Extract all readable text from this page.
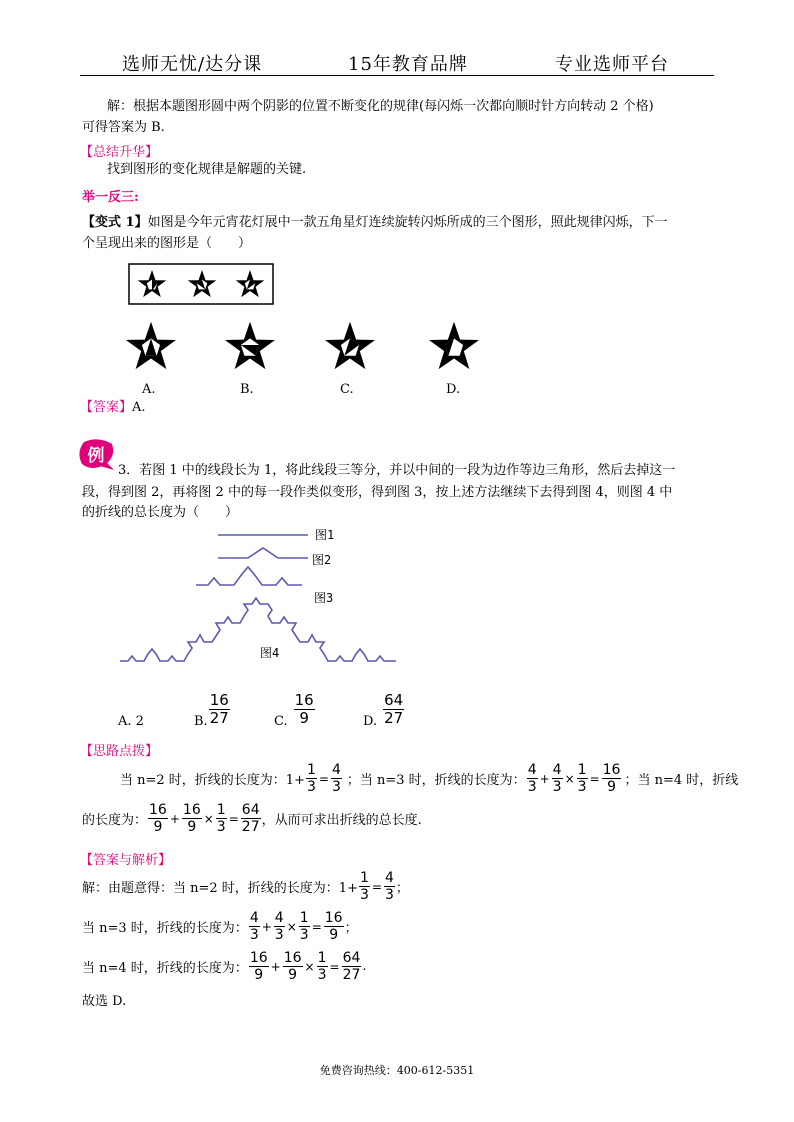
选师无忧/达分课	15年教育品牌	专业选师平台
解：根据本题图形圆中两个阴影的位置不断变化的规律(每闪烁一次都向顺时针方向转动 2 个格)
可得答案为 B.
【总结升华】
找到图形的变化规律是解题的关键.
举一反三:
【变式 1】如图是今年元宵花灯展中一款五角星灯连续旋转闪烁所成的三个图形，照此规律闪烁，下一
个呈现出来的图形是（　　）
A.	B.	C.	D.
【答案】A.
例
3．若图 1 中的线段长为 1，将此线段三等分，并以中间的一段为边作等边三角形，然后去掉这一
段，得到图 2，再将图 2 中的每一段作类似变形，得到图 3，按上述方法继续下去得到图 4，则图 4 中
的折线的总长度为（　　）
图1
图2
图3
图4
A. 2	B. $\frac{16}{27}$	C. $\frac{16}{9}$	D. $\frac{64}{27}$
【思路点拨】
当 n=2 时，折线的长度为：$1+ \frac{1}{3} = \frac{4}{3}$ ；当 n=3 时，折线的长度为： $\frac{4}{3} + \frac{4}{3} \times \frac{1}{3} = \frac{16}{9}$ ；当 n=4 时，折线
的长度为： $\frac{16}{9} + \frac{16}{9} \times \frac{1}{3} = \frac{64}{27}$ ， 从而可求出折线的总长度.
【答案与解析】
解：由题意得：当 n=2 时，折线的长度为：$1+ \frac{1}{3} = \frac{4}{3}$ ；
当 n=3 时，折线的长度为： $\frac{4}{3} + \frac{4}{3} \times \frac{1}{3} = \frac{16}{9}$ ；
当 n=4 时，折线的长度为： $\frac{16}{9} + \frac{16}{9} \times \frac{1}{3} = \frac{64}{27}$ .
故选 D.
免费咨询热线：400-612-5351
